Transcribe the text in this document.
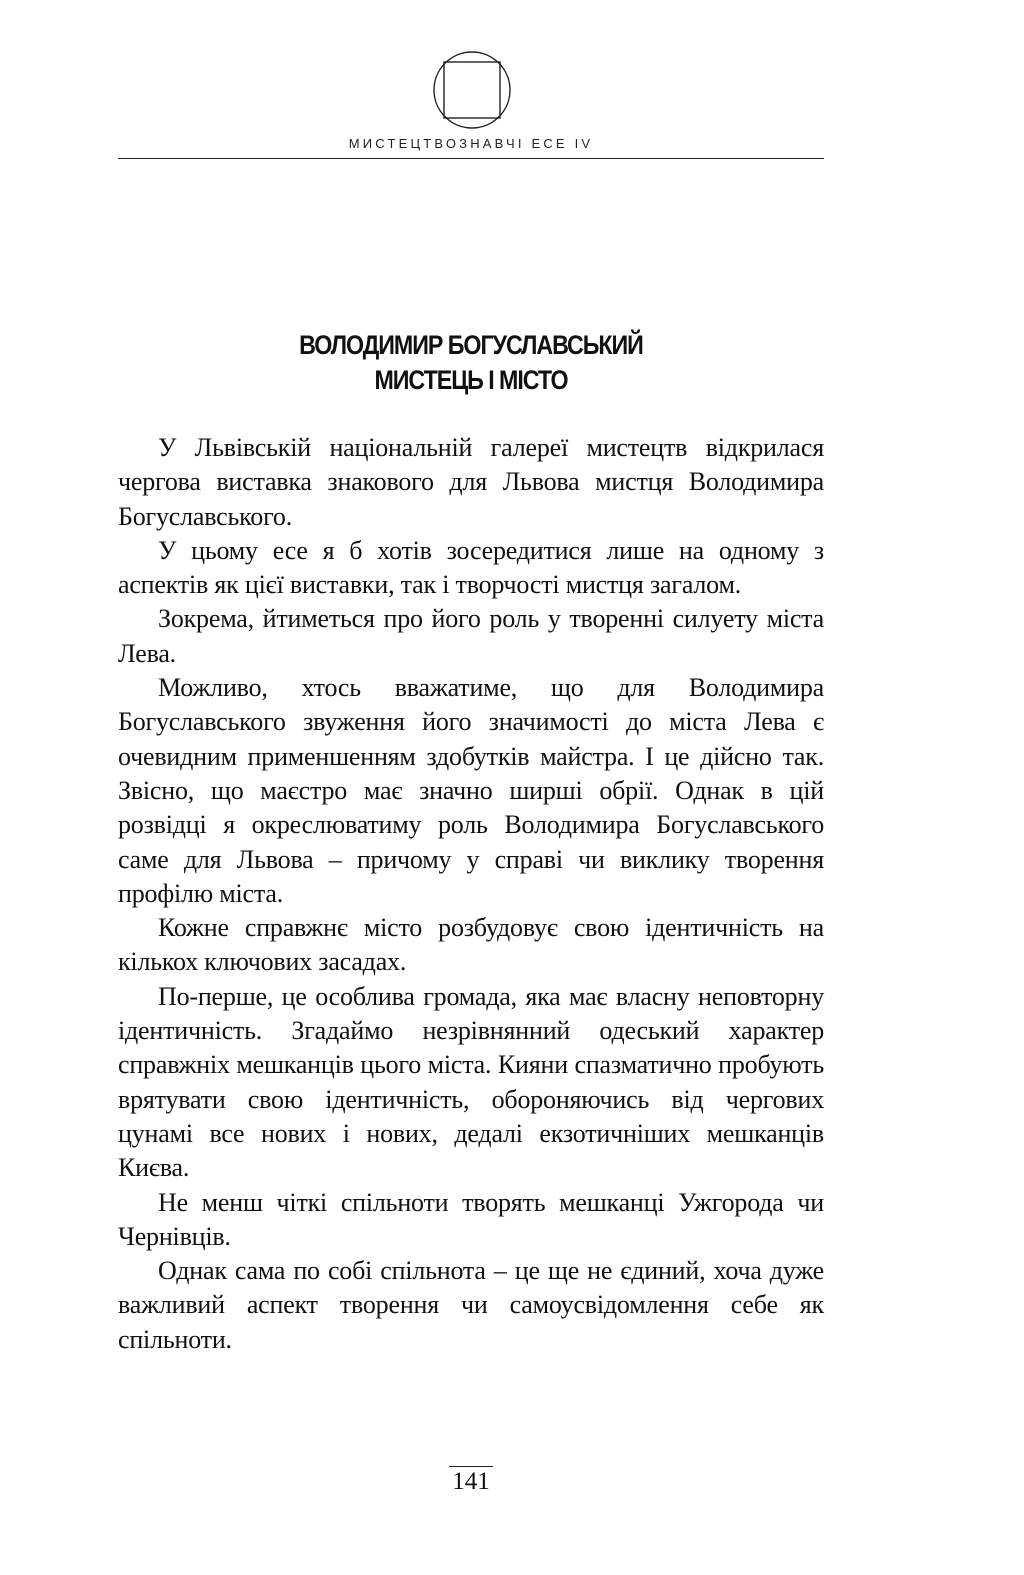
МИСТЕЦТВОЗНАВЧІ ЕСЕ IV
ВОЛОДИМИР БОГУСЛАВСЬКИЙ
МИСТЕЦЬ І МІСТО

У Львівській національній галереї мистецтв відкрилася чергова виставка знакового для Львова мистця Володимира Богуславського.

У цьому есе я б хотів зосередитися лише на одному з аспектів як цієї виставки, так і творчості мистця загалом.

Зокрема, йтиметься про його роль у творенні силуету міста Лева.

Можливо, хтось вважатиме, що для Володимира Богуславського звуження його значимості до міста Лева є очевидним применшенням здобутків майстра. І це дійсно так. Звісно, що маєстро має значно ширші обрії. Однак в цій розвідці я окреслюватиму роль Володимира Богуславського саме для Львова – причому у справі чи виклику творення профілю міста.

Кожне справжнє місто розбудовує свою ідентичність на кількох ключових засадах.

По-перше, це особлива громада, яка має власну неповторну ідентичність. Згадаймо незрівнянний одеський характер справжніх мешканців цього міста. Кияни спазматично пробують врятувати свою ідентичність, обороняючись від чергових цунамі все нових і нових, дедалі екзотичніших мешканців Києва.

Не менш чіткі спільноти творять мешканці Ужгорода чи Чернівців.

Однак сама по собі спільнота – це ще не єдиний, хоча дуже важливий аспект творення чи самоусвідомлення себе як спільноти.

141
